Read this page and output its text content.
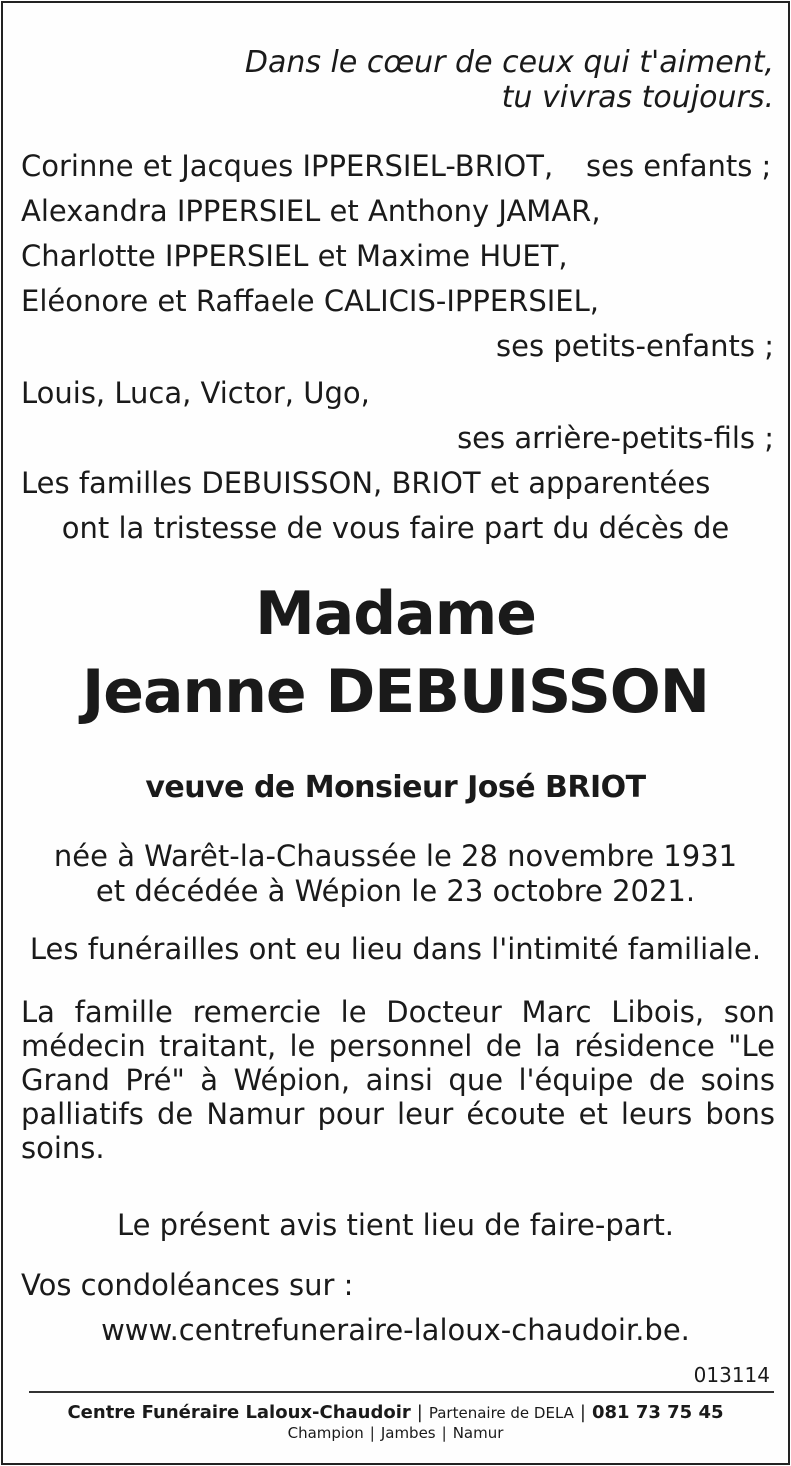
Dans le cœur de ceux qui t'aiment,
tu vivras toujours.
Corinne et Jacques IPPERSIEL-BRIOT, ses enfants ;
Alexandra IPPERSIEL et Anthony JAMAR,
Charlotte IPPERSIEL et Maxime HUET,
Eléonore et Raffaele CALICIS-IPPERSIEL,
ses petits-enfants ;
Louis, Luca, Victor, Ugo,
ses arrière-petits-fils ;
Les familles DEBUISSON, BRIOT et apparentées
ont la tristesse de vous faire part du décès de
Madame
Jeanne DEBUISSON
veuve de Monsieur José BRIOT
née à Warêt-la-Chaussée le 28 novembre 1931
et décédée à Wépion le 23 octobre 2021.
Les funérailles ont eu lieu dans l'intimité familiale.
La famille remercie le Docteur Marc Libois, son médecin traitant, le personnel de la résidence "Le Grand Pré" à Wépion, ainsi que l'équipe de soins palliatifs de Namur pour leur écoute et leurs bons soins.
Le présent avis tient lieu de faire-part.
Vos condoléances sur :
www.centrefuneraire-laloux-chaudoir.be.
013114
Centre Funéraire Laloux-Chaudoir | Partenaire de DELA | 081 73 75 45
Champion | Jambes | Namur
